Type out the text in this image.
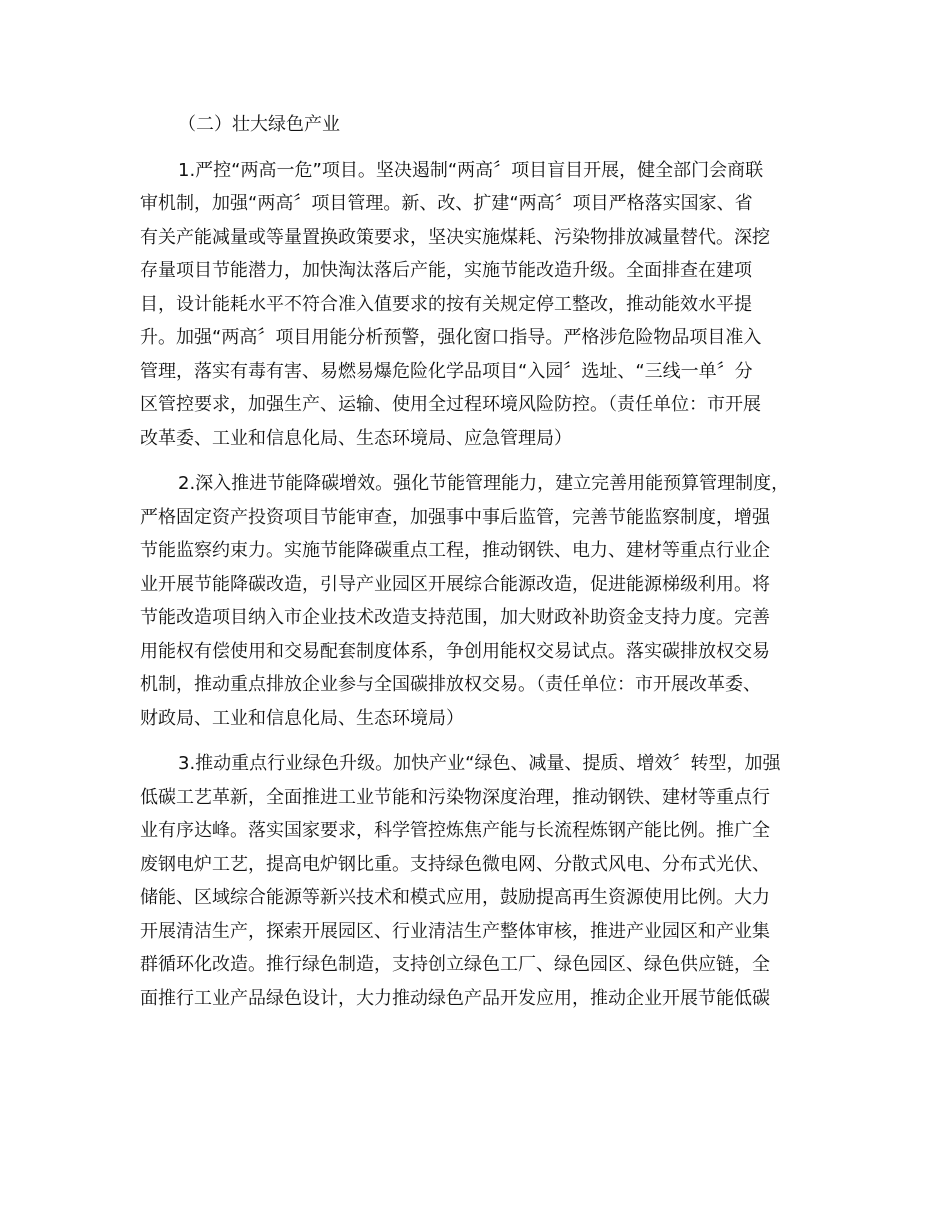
（二）壮大绿色产业
1.严控“两高一危”项目。坚决遏制“两高〞项目盲目开展，健全部门会商联
审机制，加强“两高〞项目管理。新、改、扩建“两高〞项目严格落实国家、省
有关产能减量或等量置换政策要求，坚决实施煤耗、污染物排放减量替代。深挖
存量项目节能潜力，加快淘汰落后产能，实施节能改造升级。全面排查在建项
目，设计能耗水平不符合准入值要求的按有关规定停工整改，推动能效水平提
升。加强“两高〞项目用能分析预警，强化窗口指导。严格涉危险物品项目准入
管理，落实有毒有害、易燃易爆危险化学品项目“入园〞选址、“三线一单〞分
区管控要求，加强生产、运输、使用全过程环境风险防控。（责任单位：市开展
改革委、工业和信息化局、生态环境局、应急管理局）
2.深入推进节能降碳增效。强化节能管理能力，建立完善用能预算管理制度，
严格固定资产投资项目节能审查，加强事中事后监管，完善节能监察制度，增强
节能监察约束力。实施节能降碳重点工程，推动钢铁、电力、建材等重点行业企
业开展节能降碳改造，引导产业园区开展综合能源改造，促进能源梯级利用。将
节能改造项目纳入市企业技术改造支持范围，加大财政补助资金支持力度。完善
用能权有偿使用和交易配套制度体系，争创用能权交易试点。落实碳排放权交易
机制，推动重点排放企业参与全国碳排放权交易。（责任单位：市开展改革委、
财政局、工业和信息化局、生态环境局）
3.推动重点行业绿色升级。加快产业“绿色、减量、提质、增效〞转型，加强
低碳工艺革新，全面推进工业节能和污染物深度治理，推动钢铁、建材等重点行
业有序达峰。落实国家要求，科学管控炼焦产能与长流程炼钢产能比例。推广全
废钢电炉工艺，提高电炉钢比重。支持绿色微电网、分散式风电、分布式光伏、
储能、区域综合能源等新兴技术和模式应用，鼓励提高再生资源使用比例。大力
开展清洁生产，探索开展园区、行业清洁生产整体审核，推进产业园区和产业集
群循环化改造。推行绿色制造，支持创立绿色工厂、绿色园区、绿色供应链，全
面推行工业产品绿色设计，大力推动绿色产品开发应用，推动企业开展节能低碳
